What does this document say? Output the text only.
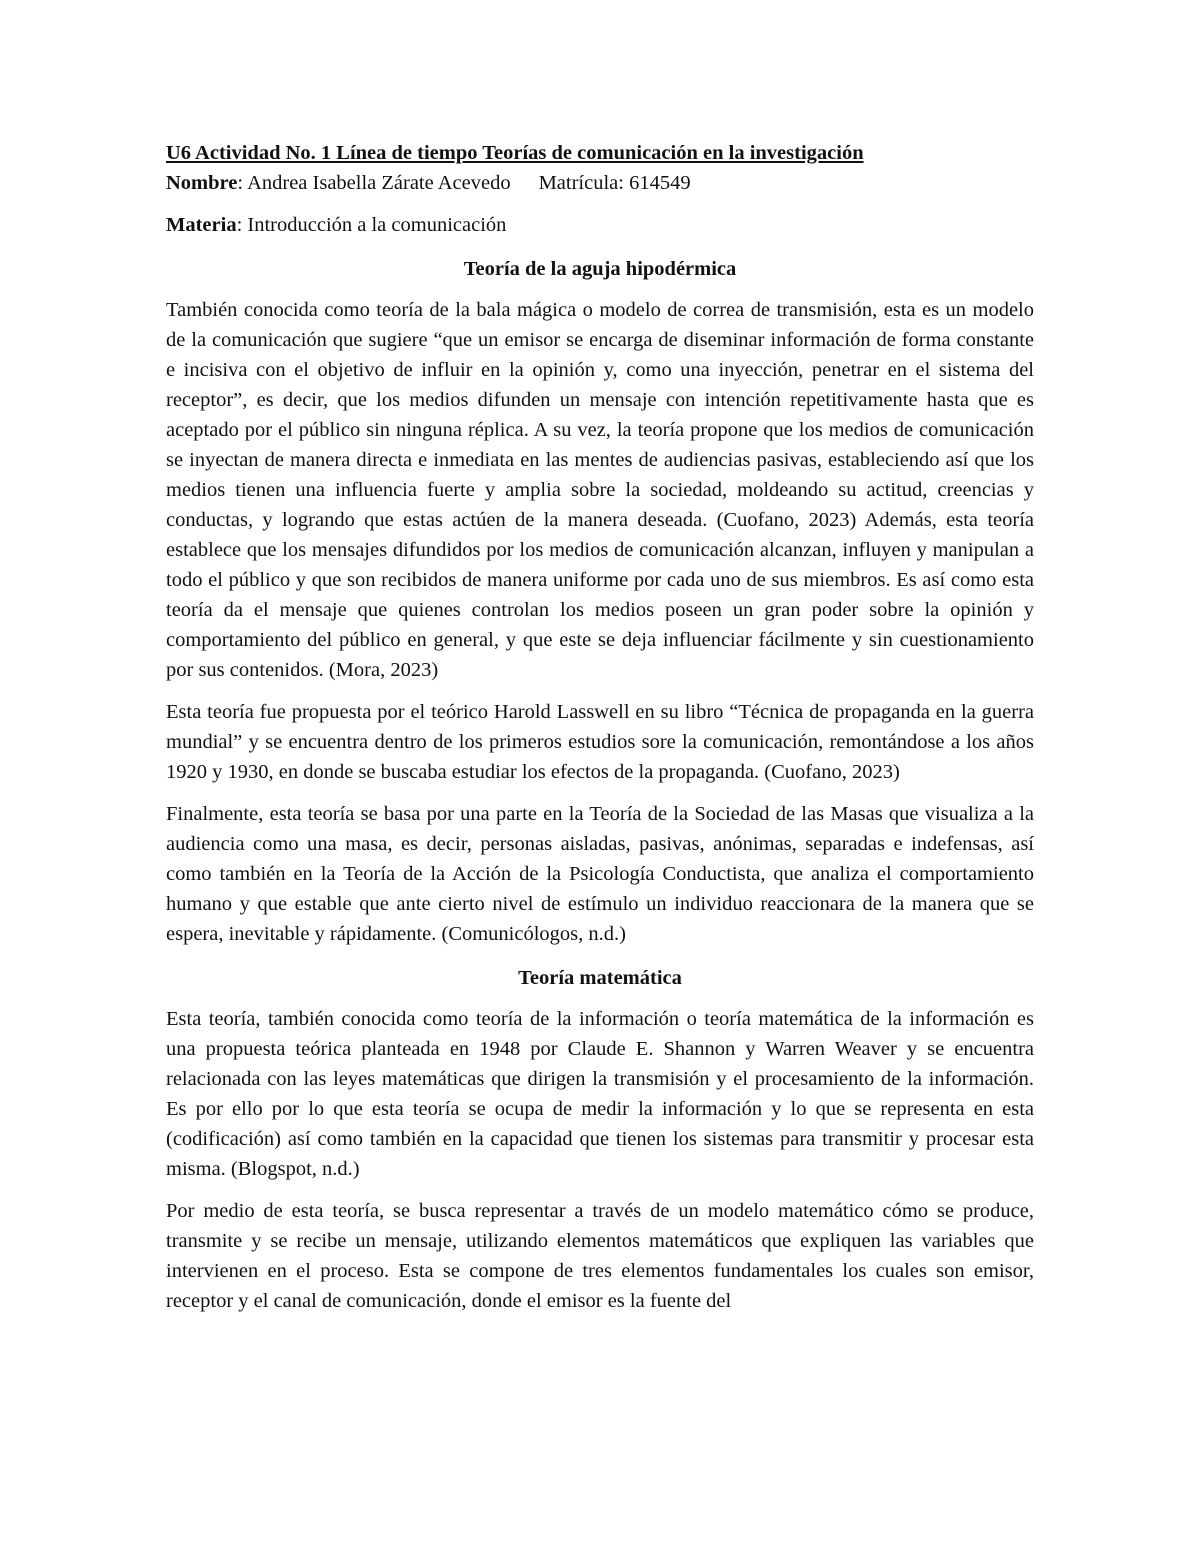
U6 Actividad No. 1 Línea de tiempo Teorías de comunicación en la investigación

Nombre: Andrea Isabella Zárate Acevedo Matrícula: 614549

Materia: Introducción a la comunicación

Teoría de la aguja hipodérmica

También conocida como teoría de la bala mágica o modelo de correa de transmisión, esta es un modelo de la comunicación que sugiere “que un emisor se encarga de diseminar información de forma constante e incisiva con el objetivo de influir en la opinión y, como una inyección, penetrar en el sistema del receptor”, es decir, que los medios difunden un mensaje con intención repetitivamente hasta que es aceptado por el público sin ninguna réplica. A su vez, la teoría propone que los medios de comunicación se inyectan de manera directa e inmediata en las mentes de audiencias pasivas, estableciendo así que los medios tienen una influencia fuerte y amplia sobre la sociedad, moldeando su actitud, creencias y conductas, y logrando que estas actúen de la manera deseada. (Cuofano, 2023) Además, esta teoría establece que los mensajes difundidos por los medios de comunicación alcanzan, influyen y manipulan a todo el público y que son recibidos de manera uniforme por cada uno de sus miembros. Es así como esta teoría da el mensaje que quienes controlan los medios poseen un gran poder sobre la opinión y comportamiento del público en general, y que este se deja influenciar fácilmente y sin cuestionamiento por sus contenidos. (Mora, 2023)

Esta teoría fue propuesta por el teórico Harold Lasswell en su libro “Técnica de propaganda en la guerra mundial” y se encuentra dentro de los primeros estudios sore la comunicación, remontándose a los años 1920 y 1930, en donde se buscaba estudiar los efectos de la propaganda. (Cuofano, 2023)

Finalmente, esta teoría se basa por una parte en la Teoría de la Sociedad de las Masas que visualiza a la audiencia como una masa, es decir, personas aisladas, pasivas, anónimas, separadas e indefensas, así como también en la Teoría de la Acción de la Psicología Conductista, que analiza el comportamiento humano y que estable que ante cierto nivel de estímulo un individuo reaccionara de la manera que se espera, inevitable y rápidamente. (Comunicólogos, n.d.)

Teoría matemática

Esta teoría, también conocida como teoría de la información o teoría matemática de la información es una propuesta teórica planteada en 1948 por Claude E. Shannon y Warren Weaver y se encuentra relacionada con las leyes matemáticas que dirigen la transmisión y el procesamiento de la información. Es por ello por lo que esta teoría se ocupa de medir la información y lo que se representa en esta (codificación) así como también en la capacidad que tienen los sistemas para transmitir y procesar esta misma. (Blogspot, n.d.)

Por medio de esta teoría, se busca representar a través de un modelo matemático cómo se produce, transmite y se recibe un mensaje, utilizando elementos matemáticos que expliquen las variables que intervienen en el proceso. Esta se compone de tres elementos fundamentales los cuales son emisor, receptor y el canal de comunicación, donde el emisor es la fuente del
